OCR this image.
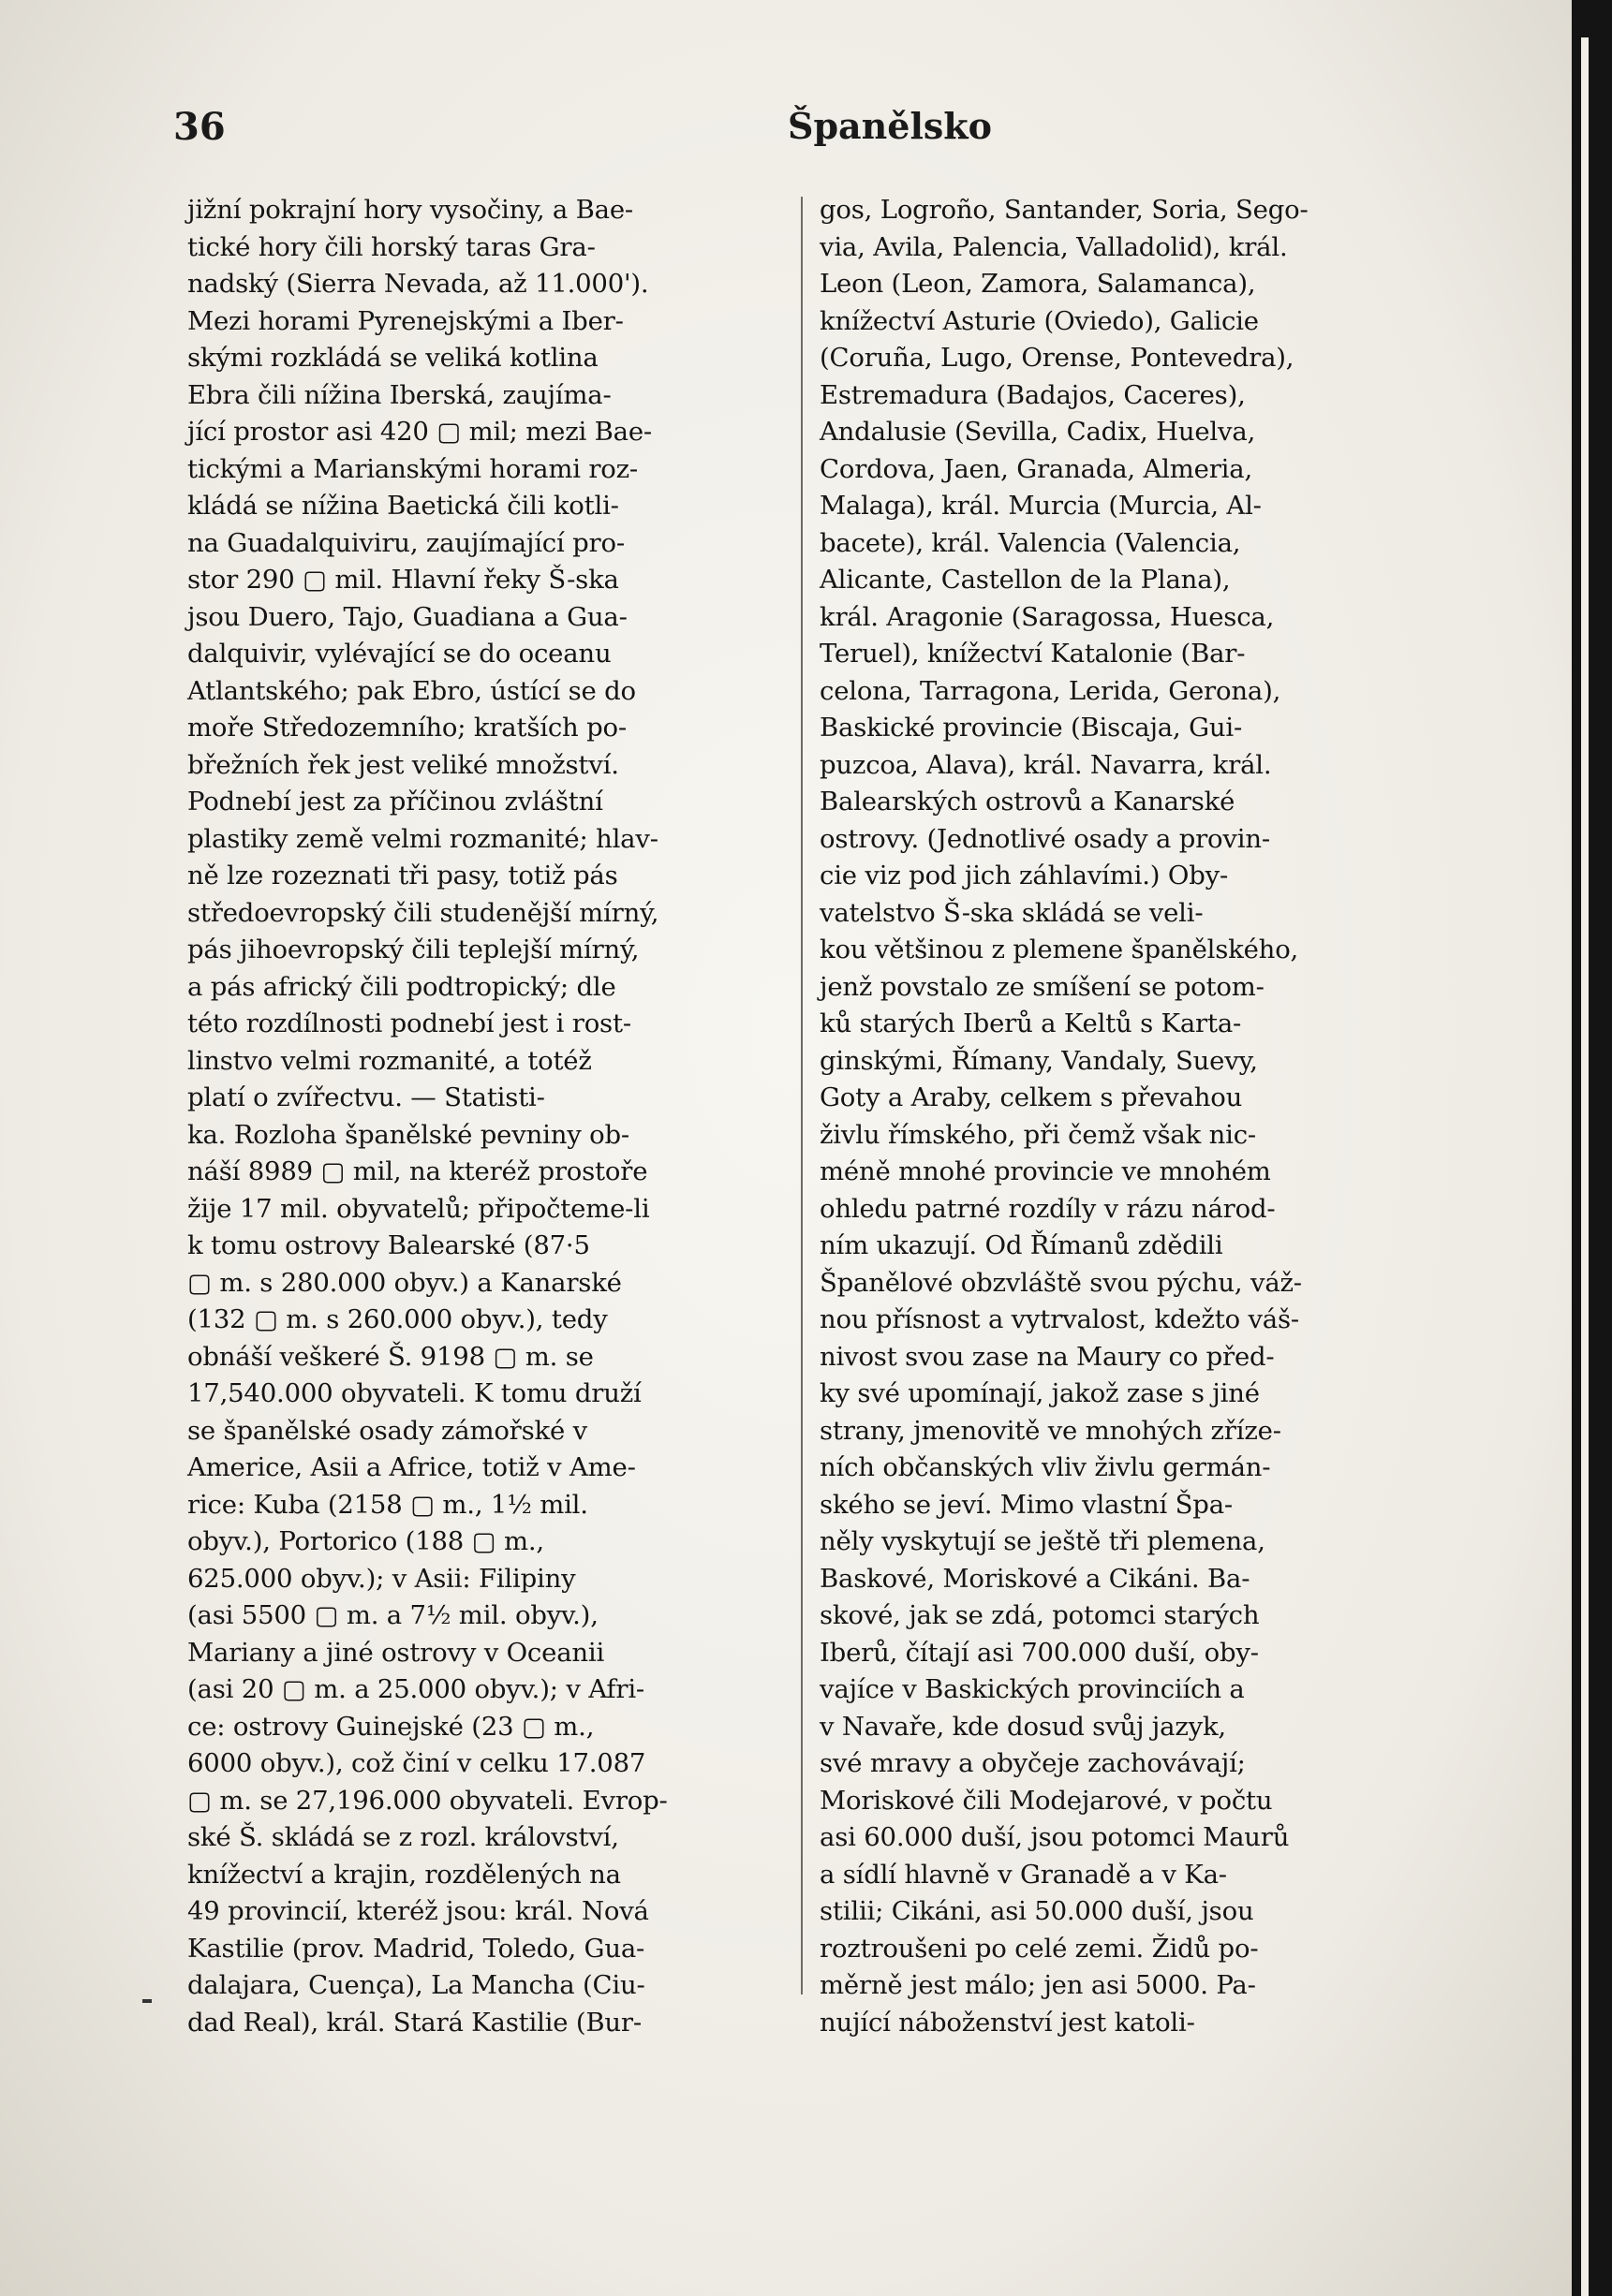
36	Španělsko
jižní pokrajní hory vysočiny, a Bae-
tické hory čili horský taras Gra-
nadský (Sierra Nevada, až 11.000').
Mezi horami Pyrenejskými a Iber-
skými rozkládá se veliká kotlina
Ebra čili nížina Iberská, zaujíma-
jící prostor asi 420 ▢ mil; mezi Bae-
tickými a Marianskými horami roz-
kládá se nížina Baetická čili kotli-
na Guadalquiviru, zaujímající pro-
stor 290 ▢ mil. Hlavní řeky Š-ska
jsou Duero, Tajo, Guadiana a Gua-
dalquivir, vylévající se do oceanu
Atlantského; pak Ebro, ústící se do
moře Středozemního; kratších po-
břežních řek jest veliké množství.
Podnebí jest za příčinou zvláštní
plastiky země velmi rozmanité; hlav-
ně lze rozeznati tři pasy, totiž pás
středoevropský čili studenější mírný,
pás jihoevropský čili teplejší mírný,
a pás africký čili podtropický; dle
této rozdílnosti podnebí jest i rost-
linstvo velmi rozmanité, a totéž
platí o zvířectvu. — Statisti-
ka. Rozloha španělské pevniny ob-
náší 8989 ▢ mil, na kteréž prostoře
žije 17 mil. obyvatelů; připočteme-li
k tomu ostrovy Balearské (87·5
▢ m. s 280.000 obyv.) a Kanarské
(132 ▢ m. s 260.000 obyv.), tedy
obnáší veškeré Š. 9198 ▢ m. se
17,540.000 obyvateli. K tomu druží
se španělské osady zámořské v
Americe, Asii a Africe, totiž v Ame-
rice: Kuba (2158 ▢ m., 1½ mil.
obyv.), Portorico (188 ▢ m.,
625.000 obyv.); v Asii: Filipiny
(asi 5500 ▢ m. a 7½ mil. obyv.),
Mariany a jiné ostrovy v Oceanii
(asi 20 ▢ m. a 25.000 obyv.); v Afri-
ce: ostrovy Guinejské (23 ▢ m.,
6000 obyv.), což činí v celku 17.087
▢ m. se 27,196.000 obyvateli. Evrop-
ské Š. skládá se z rozl. království,
knížectví a krajin, rozdělených na
49 provincií, kteréž jsou: král. Nová
Kastilie (prov. Madrid, Toledo, Gua-
dalajara, Cuença), La Mancha (Ciu-
dad Real), král. Stará Kastilie (Bur-
gos, Logroño, Santander, Soria, Sego-
via, Avila, Palencia, Valladolid), král.
Leon (Leon, Zamora, Salamanca),
knížectví Asturie (Oviedo), Galicie
(Coruña, Lugo, Orense, Pontevedra),
Estremadura (Badajos, Caceres),
Andalusie (Sevilla, Cadix, Huelva,
Cordova, Jaen, Granada, Almeria,
Malaga), král. Murcia (Murcia, Al-
bacete), král. Valencia (Valencia,
Alicante, Castellon de la Plana),
král. Aragonie (Saragossa, Huesca,
Teruel), knížectví Katalonie (Bar-
celona, Tarragona, Lerida, Gerona),
Baskické provincie (Biscaja, Gui-
puzcoa, Alava), král. Navarra, král.
Balearských ostrovů a Kanarské
ostrovy. (Jednotlivé osady a provin-
cie viz pod jich záhlavími.) Oby-
vatelstvo Š-ska skládá se veli-
kou většinou z plemene španělského,
jenž povstalo ze smíšení se potom-
ků starých Iberů a Keltů s Karta-
ginskými, Římany, Vandaly, Suevy,
Goty a Araby, celkem s převahou
živlu římského, při čemž však nic-
méně mnohé provincie ve mnohém
ohledu patrné rozdíly v rázu národ-
ním ukazují. Od Římanů zdědili
Španělové obzvláště svou pýchu, váž-
nou přísnost a vytrvalost, kdežto váš-
nivost svou zase na Maury co před-
ky své upomínají, jakož zase s jiné
strany, jmenovitě ve mnohých zřízе-
ních občanských vliv živlu germán-
ského se jeví. Mimo vlastní Špa-
něly vyskytují se ještě tři plemena,
Baskové, Moriskové a Cikáni. Ba-
skové, jak se zdá, potomci starých
Iberů, čítají asi 700.000 duší, oby-
vajíce v Baskických provinciích a
v Navaře, kde dosud svůj jazyk,
své mravy a obyčeje zachovávají;
Moriskové čili Modejarové, v počtu
asi 60.000 duší, jsou potomci Maurů
a sídlí hlavně v Granadě a v Ka-
stilii; Cikáni, asi 50.000 duší, jsou
roztroušeni po celé zemi. Židů po-
měrně jest málo; jen asi 5000. Pa-
nující náboženství jest katoli-
